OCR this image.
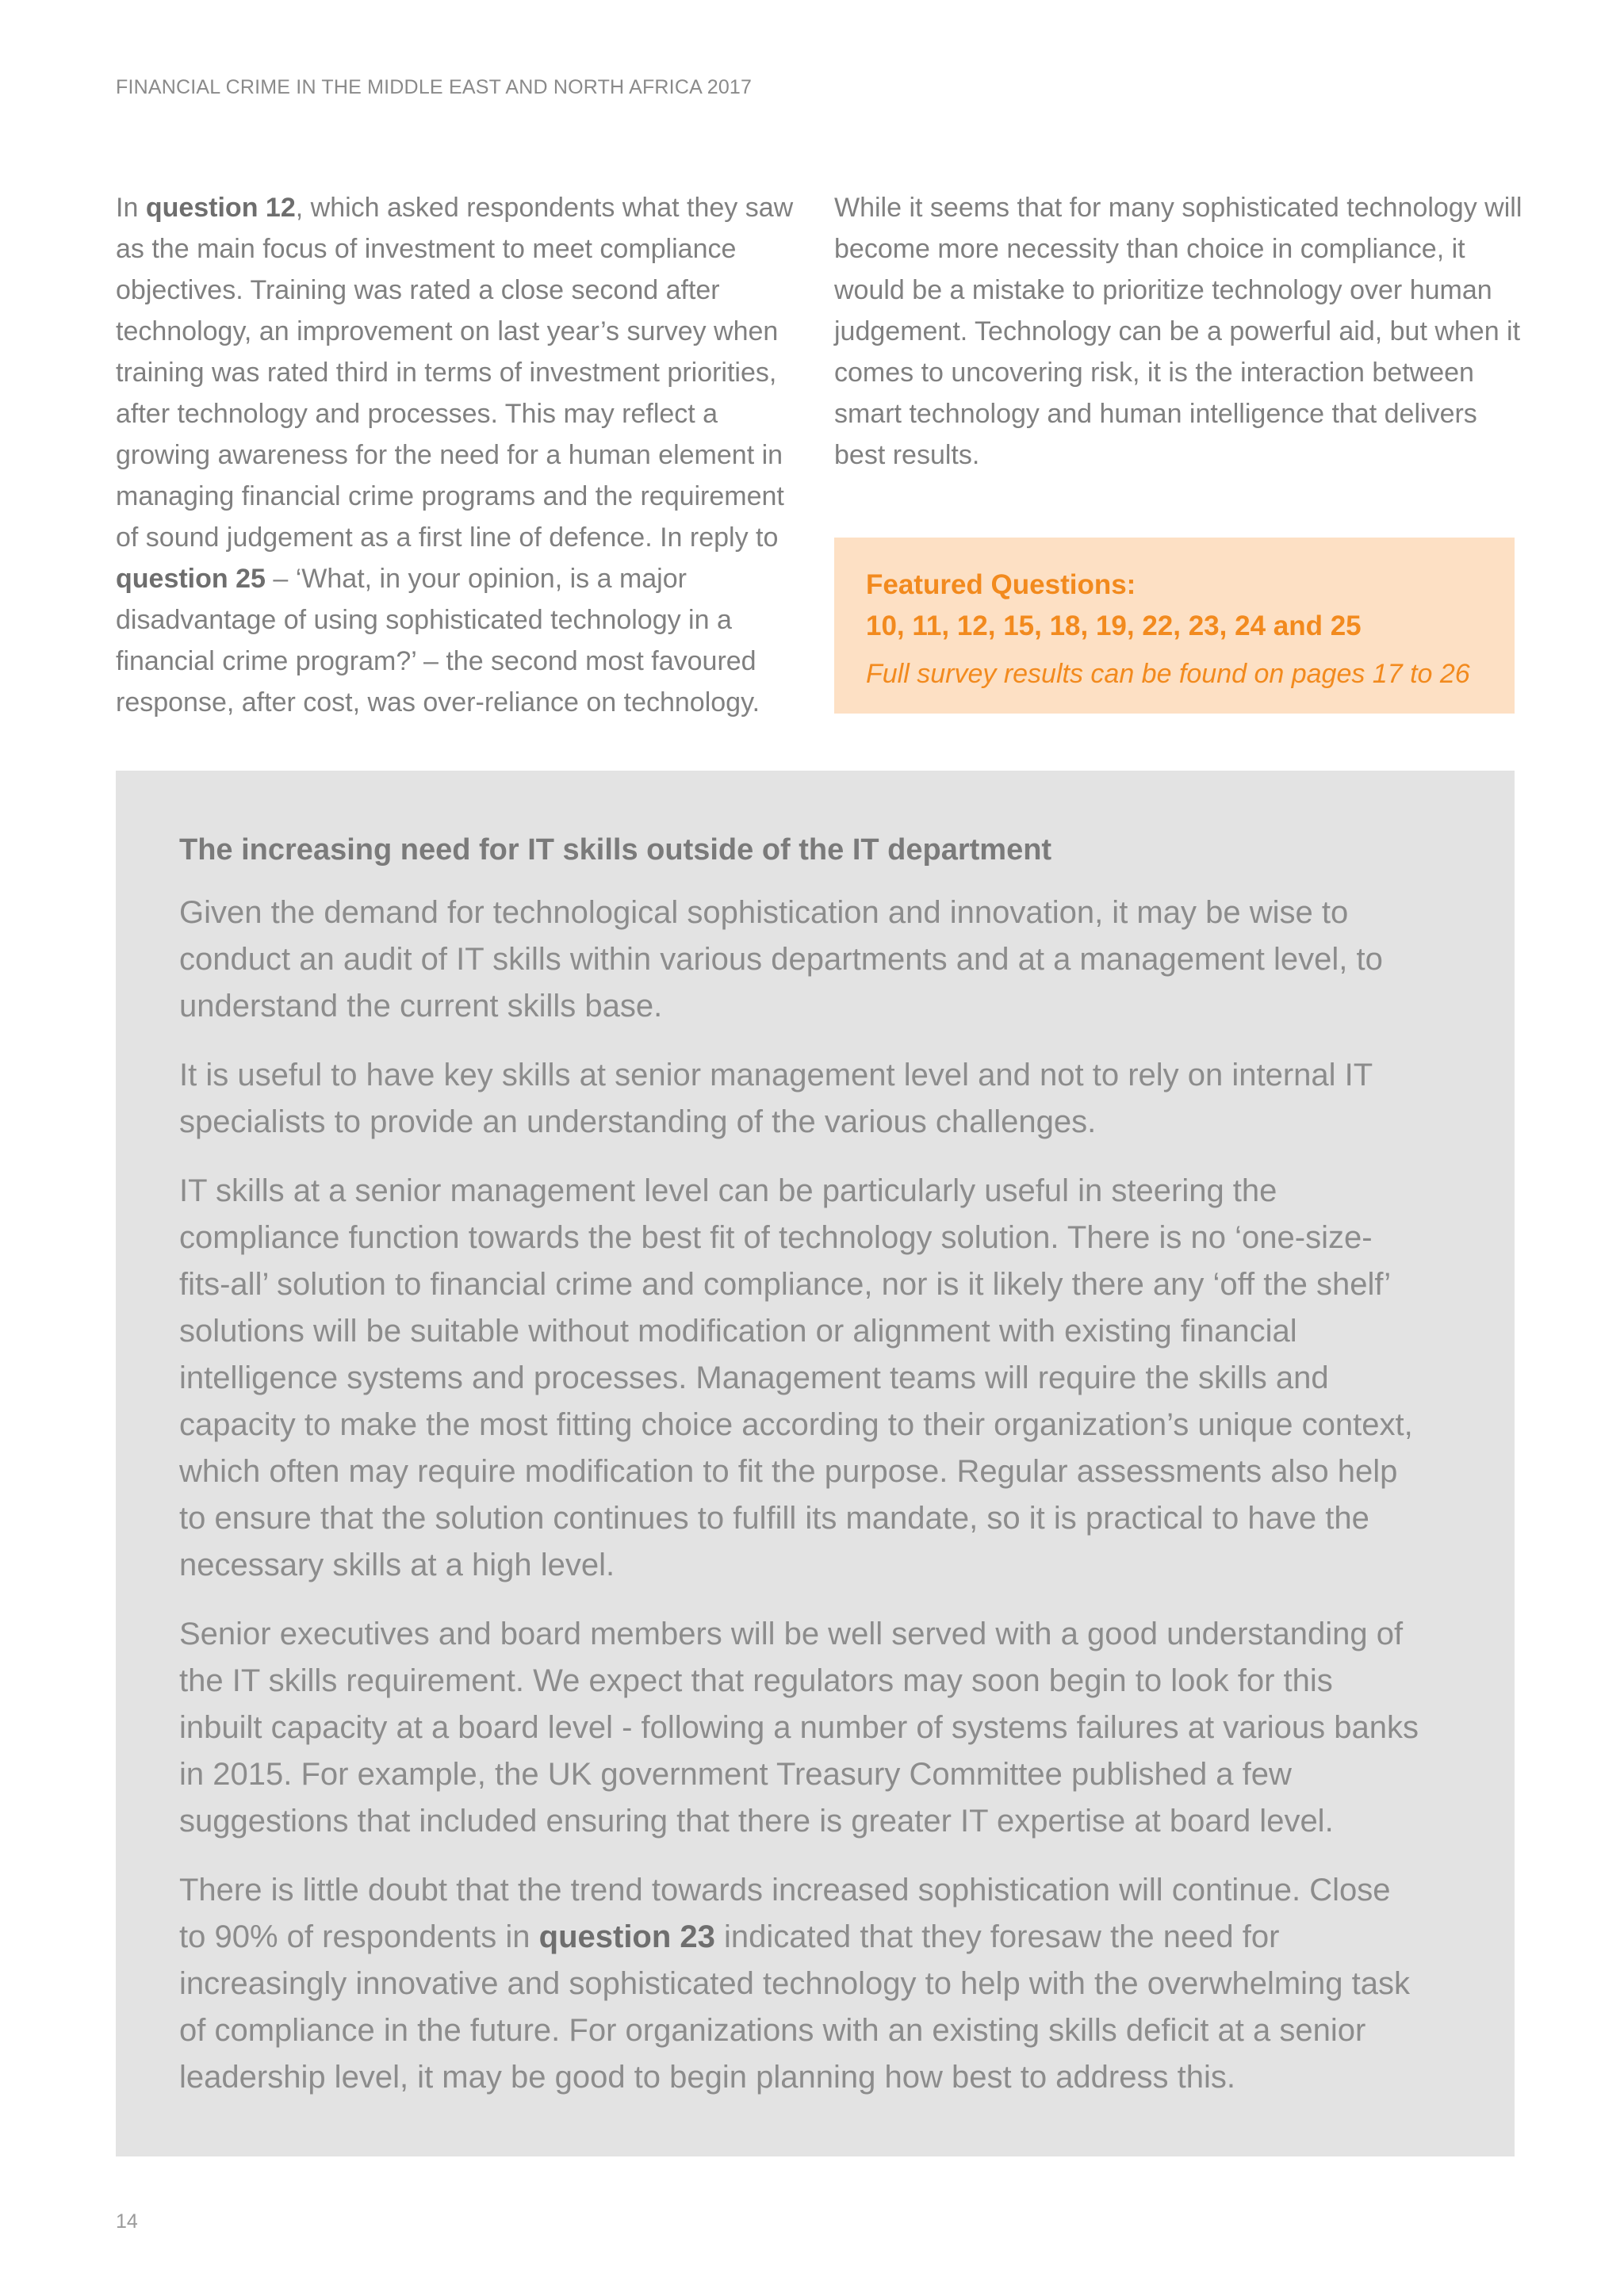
FINANCIAL CRIME IN THE MIDDLE EAST AND NORTH AFRICA 2017

In question 12, which asked respondents what they saw as the main focus of investment to meet compliance objectives. Training was rated a close second after technology, an improvement on last year’s survey when training was rated third in terms of investment priorities, after technology and processes. This may reflect a growing awareness for the need for a human element in managing financial crime programs and the requirement of sound judgement as a first line of defence. In reply to question 25 – ‘What, in your opinion, is a major disadvantage of using sophisticated technology in a financial crime program?’ – the second most favoured response, after cost, was over-reliance on technology.

While it seems that for many sophisticated technology will become more necessity than choice in compliance, it would be a mistake to prioritize technology over human judgement. Technology can be a powerful aid, but when it comes to uncovering risk, it is the interaction between smart technology and human intelligence that delivers best results.

Featured Questions:
10, 11, 12, 15, 18, 19, 22, 23, 24 and 25
Full survey results can be found on pages 17 to 26
The increasing need for IT skills outside of the IT department

Given the demand for technological sophistication and innovation, it may be wise to conduct an audit of IT skills within various departments and at a management level, to understand the current skills base.

It is useful to have key skills at senior management level and not to rely on internal IT specialists to provide an understanding of the various challenges.

IT skills at a senior management level can be particularly useful in steering the compliance function towards the best fit of technology solution. There is no ‘one-size-fits-all’ solution to financial crime and compliance, nor is it likely there any ‘off the shelf’ solutions will be suitable without modification or alignment with existing financial intelligence systems and processes. Management teams will require the skills and capacity to make the most fitting choice according to their organization’s unique context, which often may require modification to fit the purpose. Regular assessments also help to ensure that the solution continues to fulfill its mandate, so it is practical to have the necessary skills at a high level.

Senior executives and board members will be well served with a good understanding of the IT skills requirement. We expect that regulators may soon begin to look for this inbuilt capacity at a board level - following a number of systems failures at various banks in 2015. For example, the UK government Treasury Committee published a few suggestions that included ensuring that there is greater IT expertise at board level.

There is little doubt that the trend towards increased sophistication will continue. Close to 90% of respondents in question 23 indicated that they foresaw the need for increasingly innovative and sophisticated technology to help with the overwhelming task of compliance in the future. For organizations with an existing skills deficit at a senior leadership level, it may be good to begin planning how best to address this.

14
